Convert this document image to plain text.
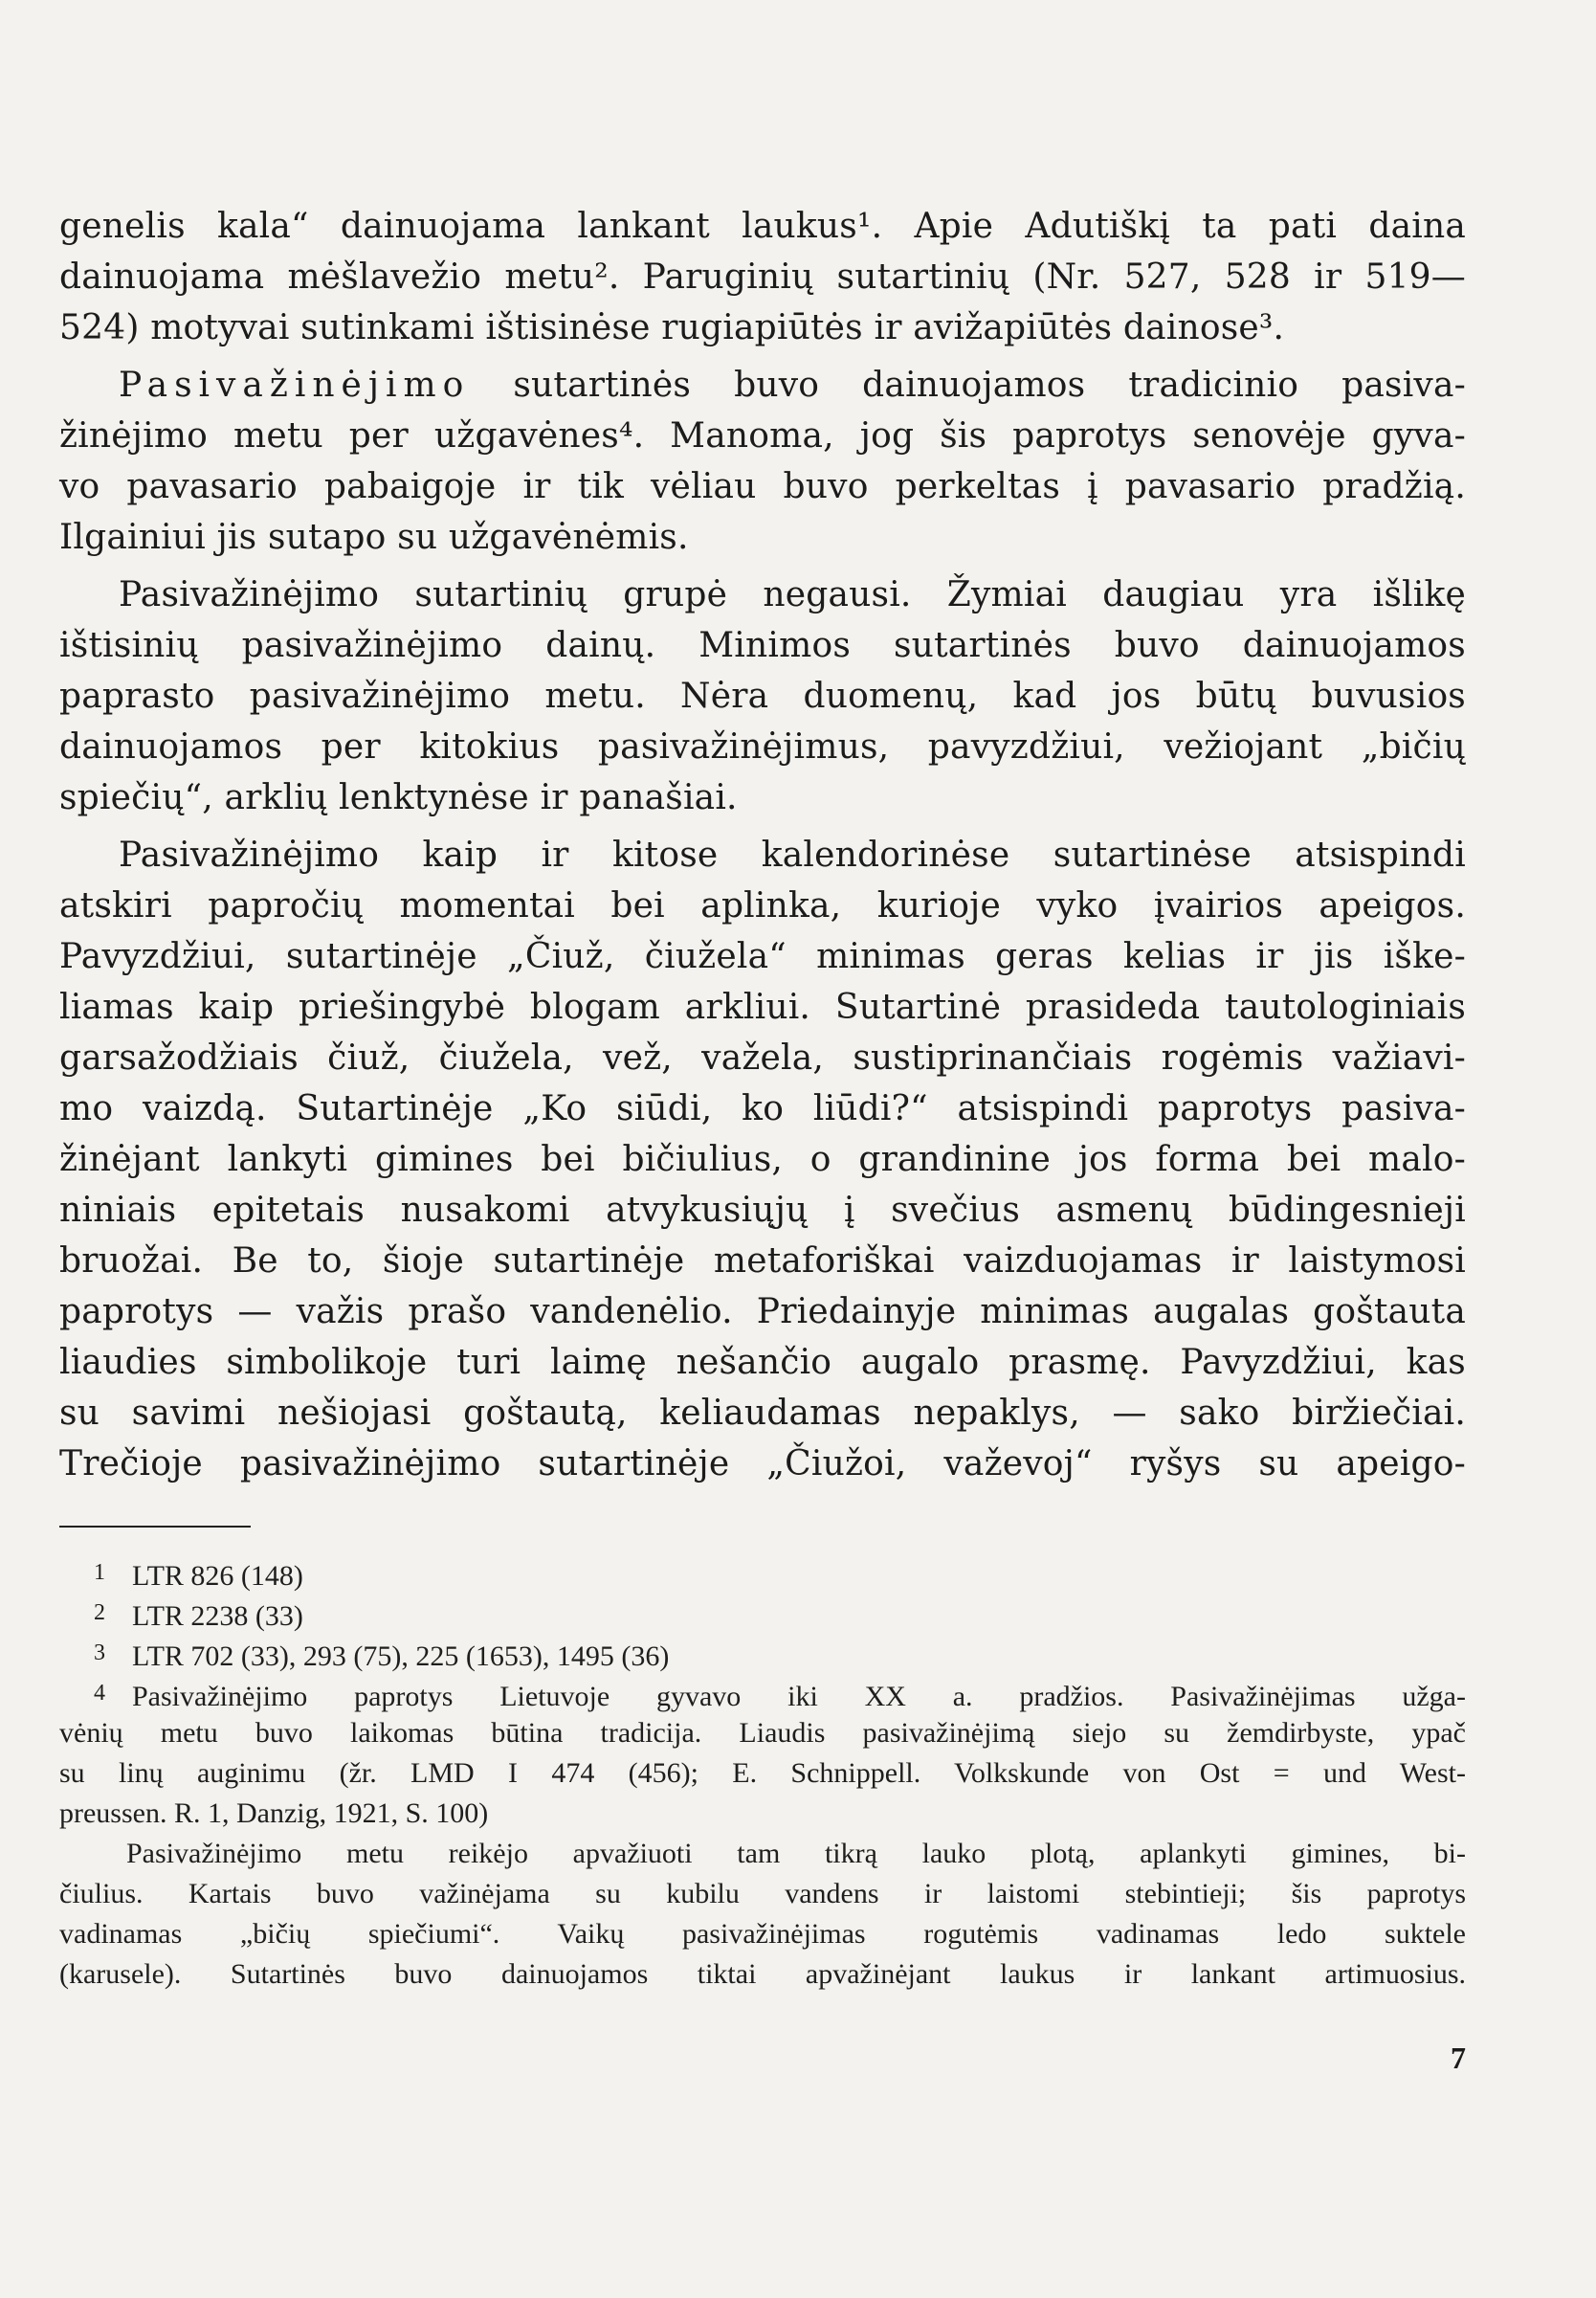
genelis kala“ dainuojama lankant laukus¹. Apie Adutiškį ta pati daina
dainuojama mėšlavežio metu². Paruginių sutartinių (Nr. 527, 528 ir 519—
524) motyvai sutinkami ištisinėse rugiapiūtės ir avižapiūtės dainose³.
Pasivažinėjimo sutartinės buvo dainuojamos tradicinio pasiva-
žinėjimo metu per užgavėnes⁴. Manoma, jog šis paprotys senovėje gyva-
vo pavasario pabaigoje ir tik vėliau buvo perkeltas į pavasario pradžią.
Ilgainiui jis sutapo su užgavėnėmis.
Pasivažinėjimo sutartinių grupė negausi. Žymiai daugiau yra išlikę
ištisinių pasivažinėjimo dainų. Minimos sutartinės buvo dainuojamos
paprasto pasivažinėjimo metu. Nėra duomenų, kad jos būtų buvusios
dainuojamos per kitokius pasivažinėjimus, pavyzdžiui, vežiojant „bičių
spiečių“, arklių lenktynėse ir panašiai.
Pasivažinėjimo kaip ir kitose kalendorinėse sutartinėse atsispindi
atskiri papročių momentai bei aplinka, kurioje vyko įvairios apeigos.
Pavyzdžiui, sutartinėje „Čiuž, čiužela“ minimas geras kelias ir jis iške-
liamas kaip priešingybė blogam arkliui. Sutartinė prasideda tautologiniais
garsažodžiais čiuž, čiužela, vež, važela, sustiprinančiais rogėmis važiavi-
mo vaizdą. Sutartinėje „Ko siūdi, ko liūdi?“ atsispindi paprotys pasiva-
žinėjant lankyti gimines bei bičiulius, o grandinine jos forma bei malo-
niniais epitetais nusakomi atvykusiųjų į svečius asmenų būdingesnieji
bruožai. Be to, šioje sutartinėje metaforiškai vaizduojamas ir laistymosi
paprotys — važis prašo vandenėlio. Priedainyje minimas augalas goštauta
liaudies simbolikoje turi laimę nešančio augalo prasmę. Pavyzdžiui, kas
su savimi nešiojasi goštautą, keliaudamas nepaklys, — sako biržiečiai.
Trečioje pasivažinėjimo sutartinėje „Čiužoi, važevoj“ ryšys su apeigo-
1 LTR 826 (148)
2 LTR 2238 (33)
3 LTR 702 (33), 293 (75), 225 (1653), 1495 (36)
4 Pasivažinėjimo paprotys Lietuvoje gyvavo iki XX a. pradžios. Pasivažinėjimas užga-
vėnių metu buvo laikomas būtina tradicija. Liaudis pasivažinėjimą siejo su žemdirbyste, ypač
su linų auginimu (žr. LMD I 474 (456); E. Schnippell. Volkskunde von Ost = und West-
preussen. R. 1, Danzig, 1921, S. 100)
Pasivažinėjimo metu reikėjo apvažiuoti tam tikrą lauko plotą, aplankyti gimines, bi-
čiulius. Kartais buvo važinėjama su kubilu vandens ir laistomi stebintieji; šis paprotys
vadinamas „bičių spiečiumi“. Vaikų pasivažinėjimas rogutėmis vadinamas ledo suktele
(karusele). Sutartinės buvo dainuojamos tiktai apvažinėjant laukus ir lankant artimuosius.
7
